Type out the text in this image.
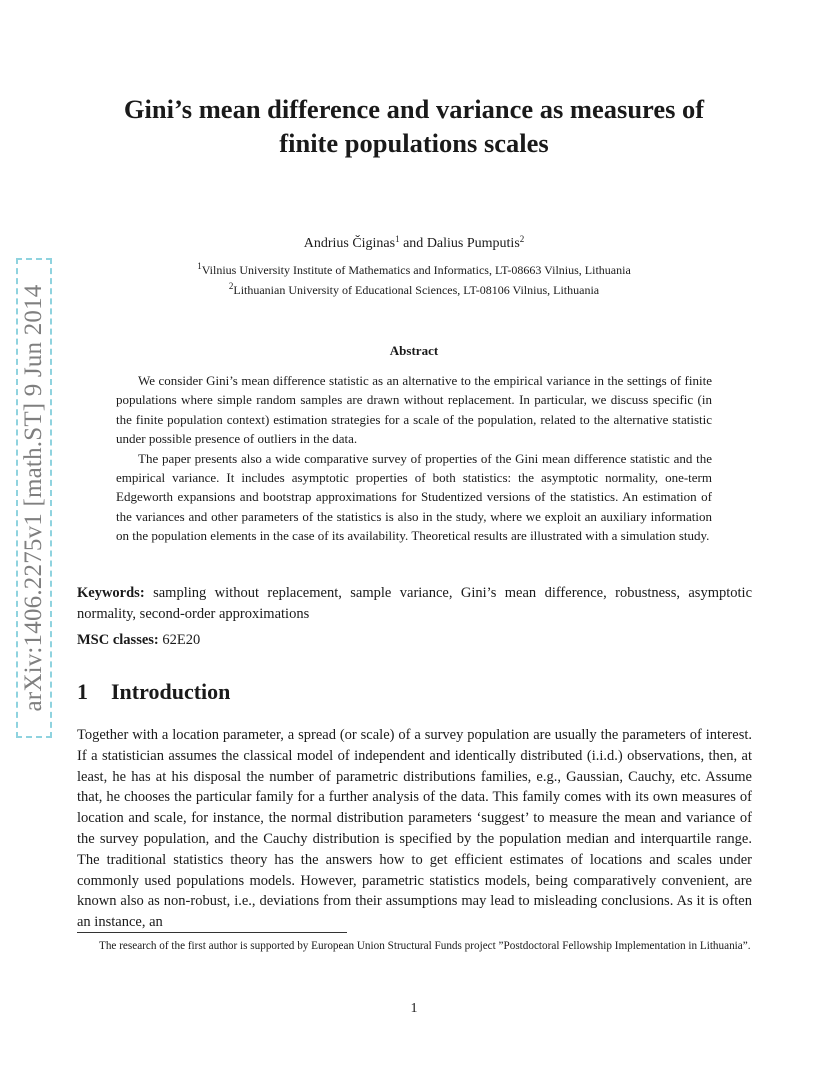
arXiv:1406.2275v1 [math.ST] 9 Jun 2014
Gini’s mean difference and variance as measures of
finite populations scales
Andrius Čiginas$^1$ and Dalius Pumputis$^2$
$^1$Vilnius University Institute of Mathematics and Informatics, LT-08663 Vilnius, Lithuania
$^2$Lithuanian University of Educational Sciences, LT-08106 Vilnius, Lithuania
Abstract

We consider Gini’s mean difference statistic as an alternative to the empirical variance in the settings of finite populations where simple random samples are drawn without replacement. In particular, we discuss specific (in the finite population context) estimation strategies for a scale of the population, related to the alternative statistic under possible presence of outliers in the data.

The paper presents also a wide comparative survey of properties of the Gini mean difference statistic and the empirical variance. It includes asymptotic properties of both statistics: the asymptotic normality, one-term Edgeworth expansions and bootstrap approximations for Studentized versions of the statistics. An estimation of the variances and other parameters of the statistics is also in the study, where we exploit an auxiliary information on the population elements in the case of its availability. Theoretical results are illustrated with a simulation study.

Keywords: sampling without replacement, sample variance, Gini’s mean difference, robustness, asymptotic normality, second-order approximations
MSC classes: 62E20
1 Introduction

Together with a location parameter, a spread (or scale) of a survey population are usually the parameters of interest. If a statistician assumes the classical model of independent and identically distributed (i.i.d.) observations, then, at least, he has at his disposal the number of parametric distributions families, e.g., Gaussian, Cauchy, etc. Assume that, he chooses the particular family for a further analysis of the data. This family comes with its own measures of location and scale, for instance, the normal distribution parameters ‘suggest’ to measure the mean and variance of the survey population, and the Cauchy distribution is specified by the population median and interquartile range. The traditional statistics theory has the answers how to get efficient estimates of locations and scales under commonly used populations models. However, parametric statistics models, being comparatively convenient, are known also as non-robust, i.e., deviations from their assumptions may lead to misleading conclusions. As it is often an instance, an

The research of the first author is supported by European Union Structural Funds project ”Postdoctoral Fellowship Implementation in Lithuania”.

1
